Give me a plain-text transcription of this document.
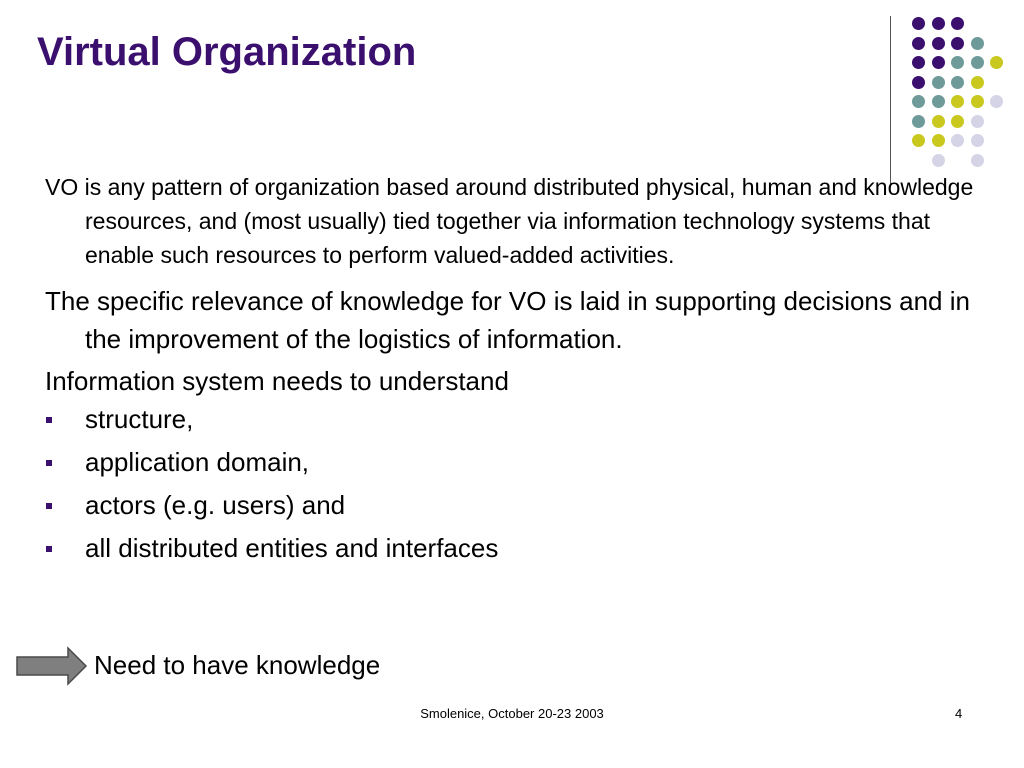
Virtual Organization

VO is any pattern of organization based around distributed physical, human and knowledge resources, and (most usually) tied together via information technology systems that enable such resources to perform valued-added activities.

The specific relevance of knowledge for VO is laid in supporting decisions and in the improvement of the logistics of information.

Information system needs to understand

structure,
application domain,
actors (e.g. users) and
all distributed entities and interfaces
Need to have knowledge
Smolenice, October 20-23 2003	4
